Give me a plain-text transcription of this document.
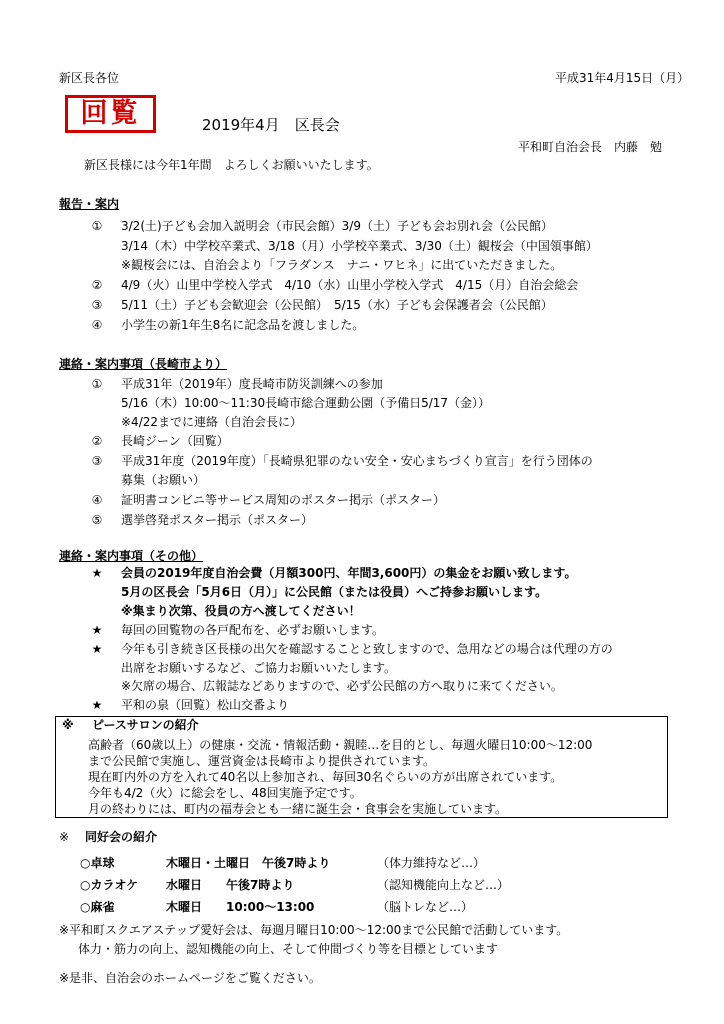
新区長各位	平成31年4月15日（月）
回覧	2019年4月　区長会
平和町自治会長　内藤　勉
新区長様には今年1年間　よろしくお願いいたします。
報告・案内
① 3/2(土)子ども会加入説明会（市民会館）3/9（土）子ども会お別れ会（公民館）
3/14（木）中学校卒業式、3/18（月）小学校卒業式、3/30（土）観桜会（中国領事館）
※観桜会には、自治会より「フラダンス　ナニ・ワヒネ」に出ていただきました。
② 4/9（火）山里中学校入学式　4/10（水）山里小学校入学式　4/15（月）自治会総会
③ 5/11（土）子ども会歓迎会（公民館）　5/15（水）子ども会保護者会（公民館）
④ 小学生の新1年生8名に記念品を渡しました。
連絡・案内事項（長崎市より）
① 平成31年（2019年）度長崎市防災訓練への参加
5/16（木）10:00～11:30長崎市総合運動公園（予備日5/17（金））
※4/22までに連絡（自治会長に）
② 長崎ジーン（回覧）
③ 平成31年度（2019年度）「長崎県犯罪のない安全・安心まちづくり宣言」を行う団体の
募集（お願い）
④ 証明書コンビニ等サービス周知のポスター掲示（ポスター）
⑤ 選挙啓発ポスター掲示（ポスター）
連絡・案内事項（その他）
★ 会員の2019年度自治会費（月額300円、年間3,600円）の集金をお願い致します。
5月の区長会「5月6日（月）」に公民館（または役員）へご持参お願いします。
※集まり次第、役員の方へ渡してください！
★ 毎回の回覧物の各戸配布を、必ずお願いします。
★ 今年も引き続き区長様の出欠を確認することと致しますので、急用などの場合は代理の方の
出席をお願いするなど、ご協力お願いいたします。
※欠席の場合、広報誌などありますので、必ず公民館の方へ取りに来てください。
★ 平和の泉（回覧）松山交番より
※ ピースサロンの紹介
高齢者（60歳以上）の健康・交流・情報活動・親睦…を目的とし、毎週火曜日10:00～12:00
まで公民館で実施し、運営資金は長崎市より提供されています。
現在町内外の方を入れて40名以上参加され、毎回30名ぐらいの方が出席されています。
今年も4/2（火）に総会をし、48回実施予定です。
月の終わりには、町内の福寿会とも一緒に誕生会・食事会を実施しています。
※ 同好会の紹介
○卓球	木曜日・土曜日　午後7時より	（体力維持など…）
○カラオケ 水曜日　　午後7時より	（認知機能向上など…）
○麻雀	木曜日　　10:00～13:00	（脳トレなど…）
※平和町スクエアステップ愛好会は、毎週月曜日10:00～12:00まで公民館で活動しています。
体力・筋力の向上、認知機能の向上、そして仲間づくり等を目標としています
※是非、自治会のホームページをご覧ください。
